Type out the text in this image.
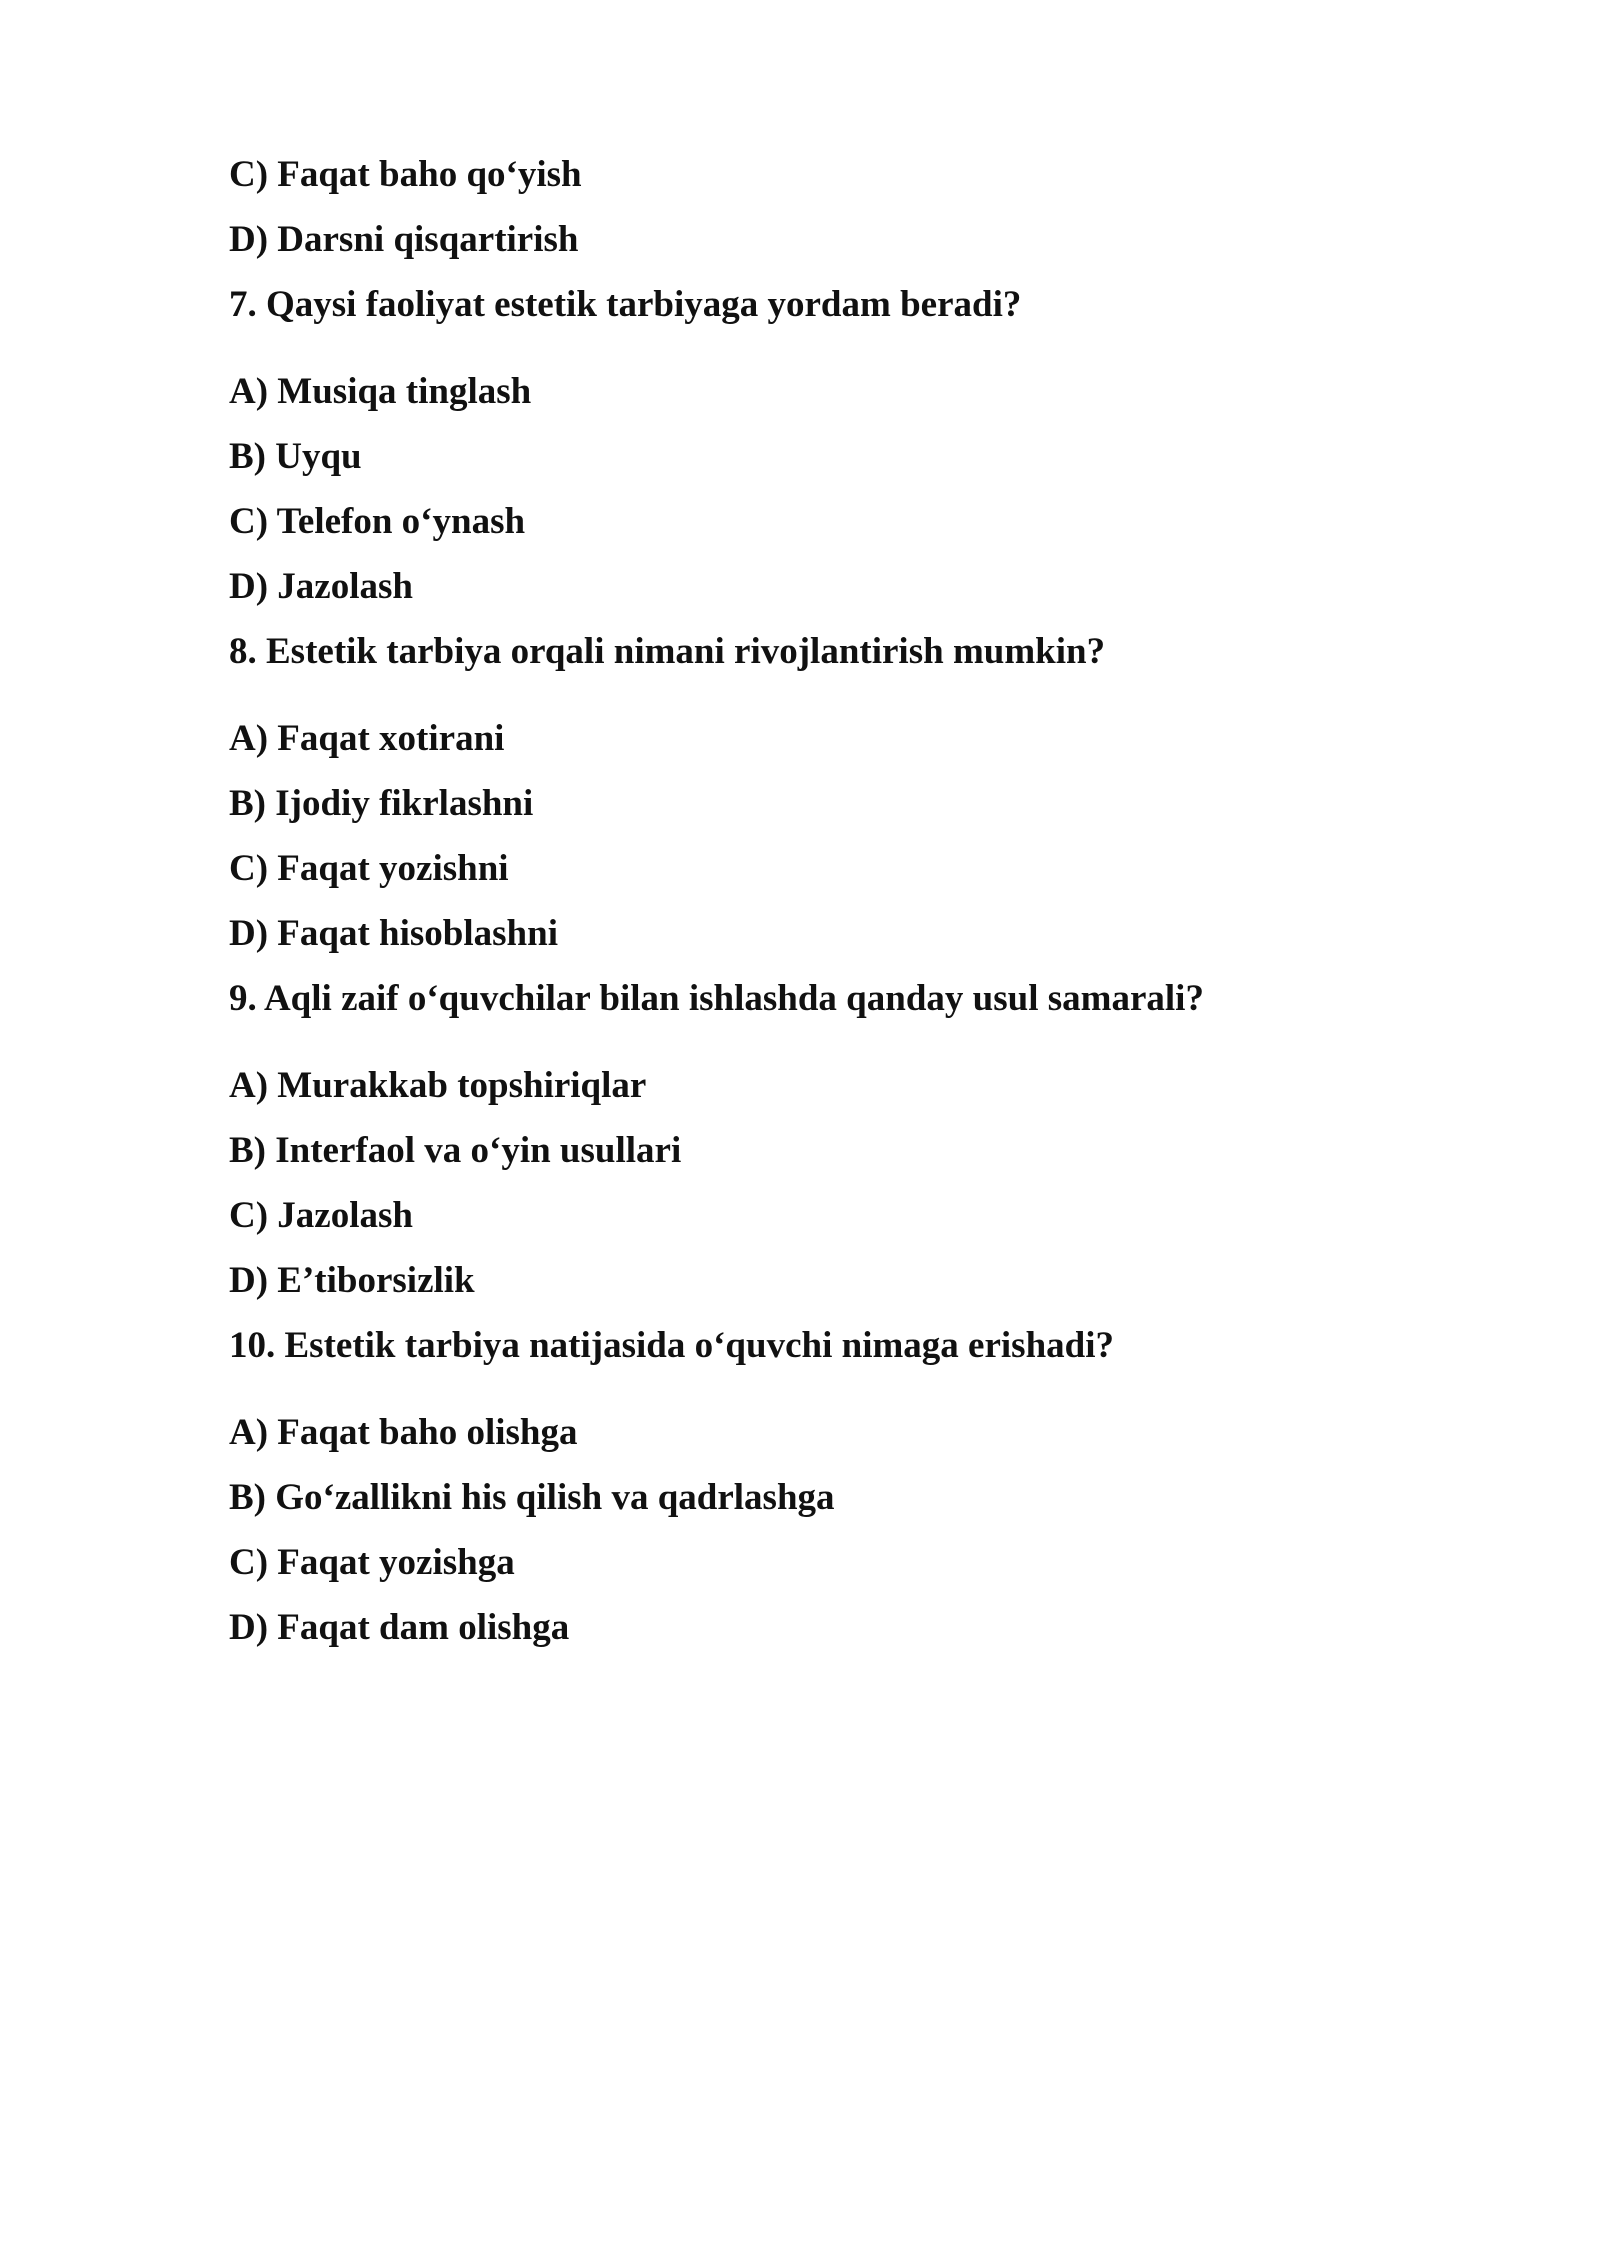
C) Faqat baho qo‘yish
D) Darsni qisqartirish
7. Qaysi faoliyat estetik tarbiyaga yordam beradi?
A) Musiqa tinglash
B) Uyqu
C) Telefon o‘ynash
D) Jazolash
8. Estetik tarbiya orqali nimani rivojlantirish mumkin?
A) Faqat xotirani
B) Ijodiy fikrlashni
C) Faqat yozishni
D) Faqat hisoblashni
9. Aqli zaif o‘quvchilar bilan ishlashda qanday usul samarali?
A) Murakkab topshiriqlar
B) Interfaol va o‘yin usullari
C) Jazolash
D) E’tiborsizlik
10. Estetik tarbiya natijasida o‘quvchi nimaga erishadi?
A) Faqat baho olishga
B) Go‘zallikni his qilish va qadrlashga
C) Faqat yozishga
D) Faqat dam olishga
